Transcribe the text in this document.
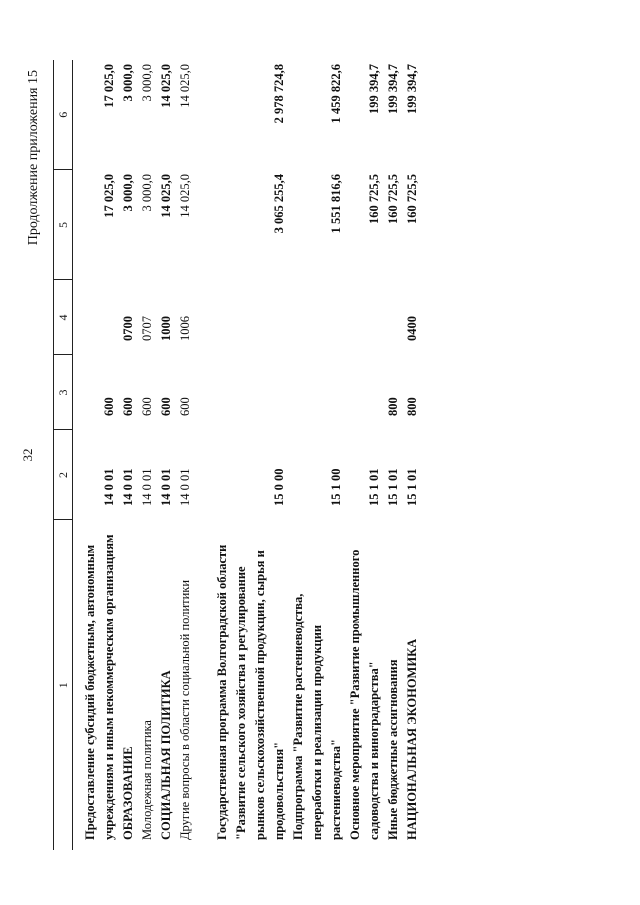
32
Продолжение приложения 15
1	2	3	4	5	6
Предоставление субсидий бюджетным, автономным учреждениям и иным некоммерческим организациям	14 0 01	600		17 025,0	17 025,0
ОБРАЗОВАНИЕ	14 0 01	600	0700	3 000,0	3 000,0
Молодежная политика	14 0 01	600	0707	3 000,0	3 000,0
СОЦИАЛЬНАЯ ПОЛИТИКА	14 0 01	600	1000	14 025,0	14 025,0
Другие вопросы в области социальной политики	14 0 01	600	1006	14 025,0	14 025,0
Государственная программа Волгоградской области "Развитие сельского хозяйства и регулирование рынков сельскохозяйственной продукции, сырья и продовольствия"	15 0 00			3 065 255,4	2 978 724,8
Подпрограмма "Развитие растениеводства, переработки и реализации продукции растениеводства"	15 1 00			1 551 816,6	1 459 822,6
Основное мероприятие "Развитие промышленного садоводства и виноградарства"	15 1 01			160 725,5	199 394,7
Иные бюджетные ассигнования	15 1 01	800		160 725,5	199 394,7
НАЦИОНАЛЬНАЯ ЭКОНОМИКА	15 1 01	800	0400	160 725,5	199 394,7
